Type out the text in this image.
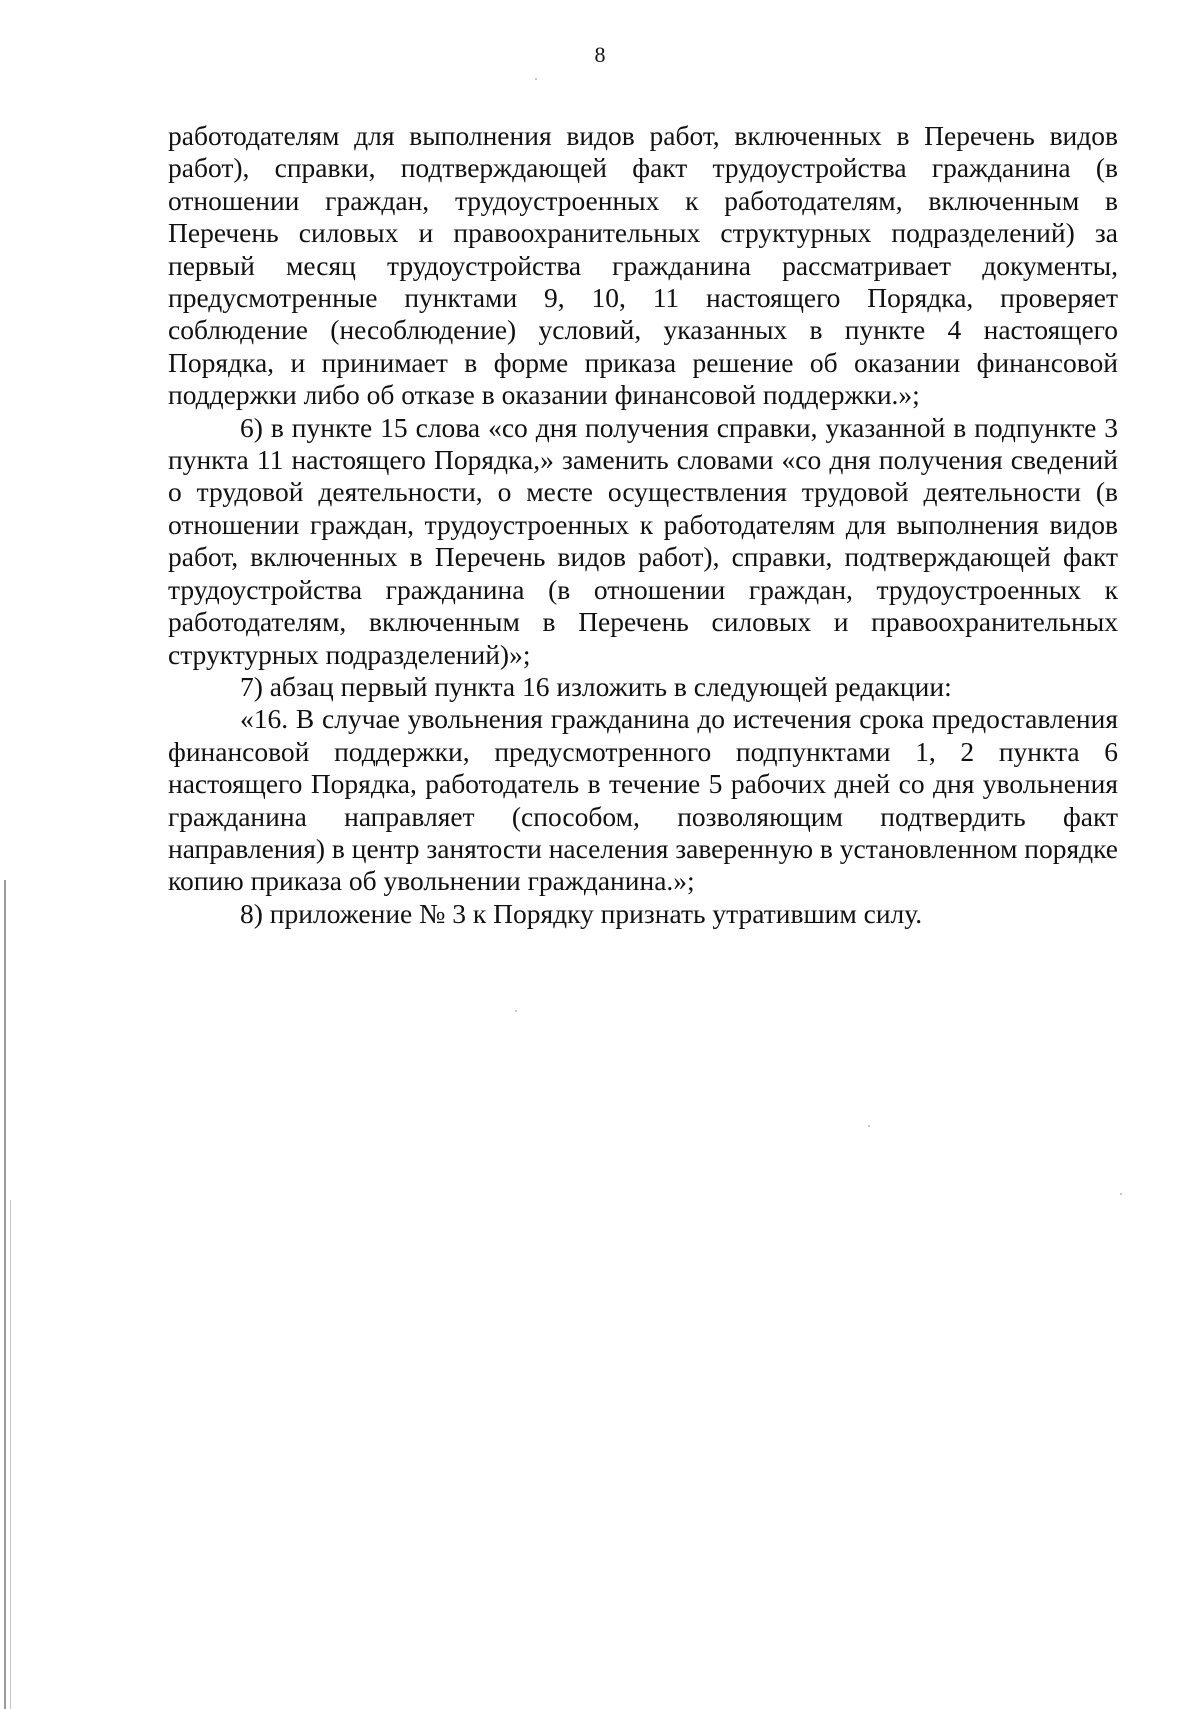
8

работодателям для выполнения видов работ, включенных в Перечень видов работ), справки, подтверждающей факт трудоустройства гражданина (в отношении граждан, трудоустроенных к работодателям, включенным в Перечень силовых и правоохранительных структурных подразделений) за первый месяц трудоустройства гражданина рассматривает документы, предусмотренные пунктами 9, 10, 11 настоящего Порядка, проверяет соблюдение (несоблюдение) условий, указанных в пункте 4 настоящего Порядка, и принимает в форме приказа решение об оказании финансовой поддержки либо об отказе в оказании финансовой поддержки.»;

6) в пункте 15 слова «со дня получения справки, указанной в подпункте 3 пункта 11 настоящего Порядка,» заменить словами «со дня получения сведений о трудовой деятельности, о месте осуществления трудовой деятельности (в отношении граждан, трудоустроенных к работодателям для выполнения видов работ, включенных в Перечень видов работ), справки, подтверждающей факт трудоустройства гражданина (в отношении граждан, трудоустроенных к работодателям, включенным в Перечень силовых и правоохранительных структурных подразделений)»;

7) абзац первый пункта 16 изложить в следующей редакции:

«16. В случае увольнения гражданина до истечения срока предоставления финансовой поддержки, предусмотренного подпунктами 1, 2 пункта 6 настоящего Порядка, работодатель в течение 5 рабочих дней со дня увольнения гражданина направляет (способом, позволяющим подтвердить факт направления) в центр занятости населения заверенную в установленном порядке копию приказа об увольнении гражданина.»;

8) приложение № 3 к Порядку признать утратившим силу.
